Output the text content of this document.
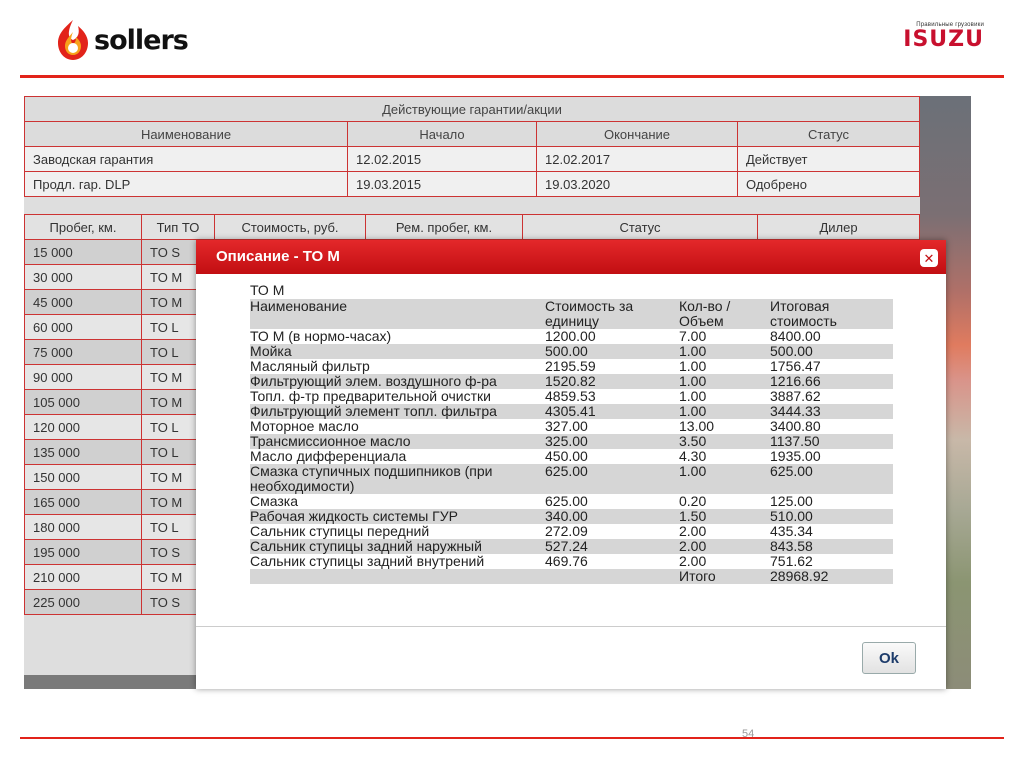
sollers	Правильные грузовики
ISUZU
Действующие гарантии/акции			
Наименование	Начало	Окончание	Статус
Заводская гарантия	12.02.2015	12.02.2017	Действует
Продл. гар. DLP	19.03.2015	19.03.2020	Одобрено
Пробег, км.	Тип ТО	Стоимость, руб.	Рем. пробег, км.	Статус	Дилер
15 000	TO S				
30 000	TO M				
45 000	TO M				
60 000	TO L				
75 000	TO L				
90 000	TO M				
105 000	TO M				
120 000	TO L				
135 000	TO L				
150 000	TO M				
165 000	TO M				
180 000	TO L				
195 000	TO S				
210 000	TO M				
225 000	TO S				
Описание - ТО М	✕
ТО М
Наименование	Стоимость за единицу	Кол-во / Объем	Итоговая стоимость
ТО М (в нормо-часах)	1200.00	7.00	8400.00
Мойка	500.00	1.00	500.00
Масляный фильтр	2195.59	1.00	1756.47
Фильтрующий элем. воздушного ф-ра	1520.82	1.00	1216.66
Топл. ф-тр предварительной очистки	4859.53	1.00	3887.62
Фильтрующий элемент топл. фильтра	4305.41	1.00	3444.33
Моторное масло	327.00	13.00	3400.80
Трансмиссионное масло	325.00	3.50	1137.50
Масло дифференциала	450.00	4.30	1935.00
Смазка ступичных подшипников (при необходимости)	625.00	1.00	625.00
Смазка	625.00	0.20	125.00
Рабочая жидкость системы ГУР	340.00	1.50	510.00
Сальник ступицы передний	272.09	2.00	435.34
Сальник ступицы задний наружный	527.24	2.00	843.58
Сальник ступицы задний внутрений	469.76	2.00	751.62
		Итого	28968.92
Ok
54
